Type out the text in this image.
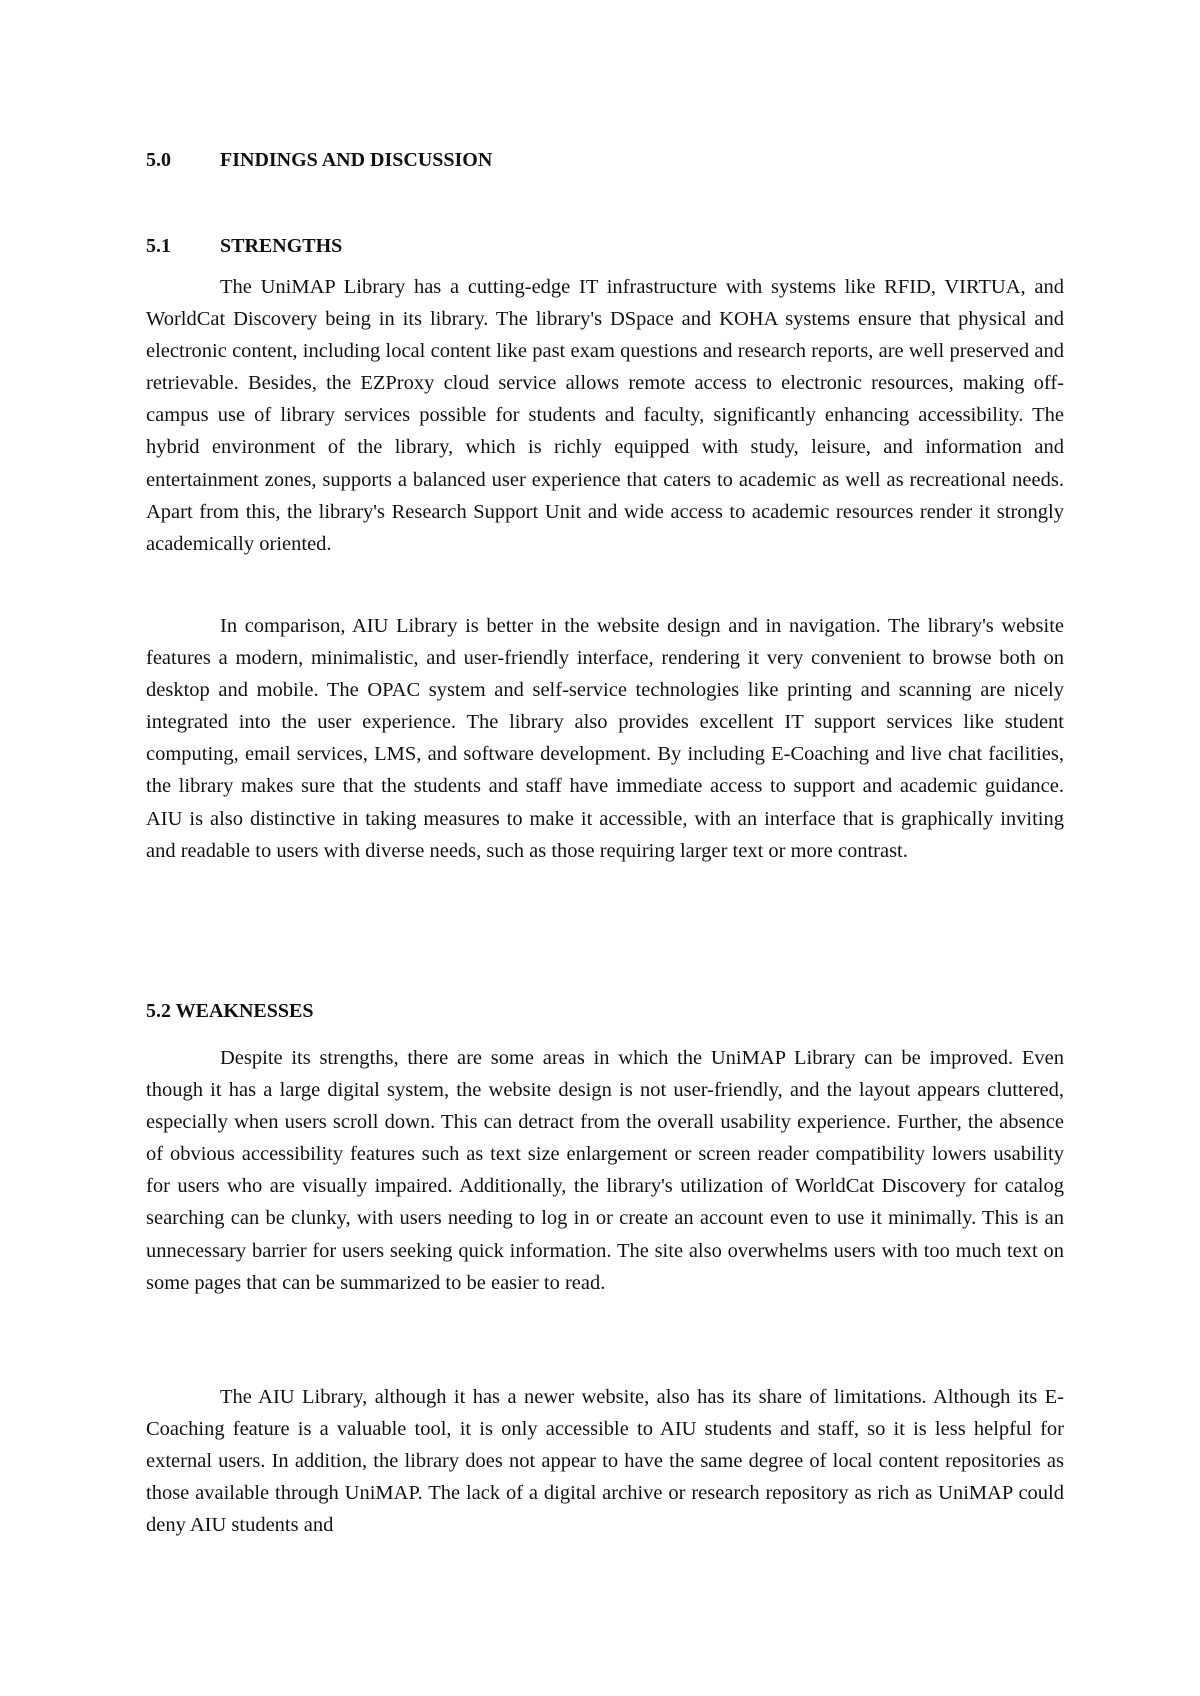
5.0 FINDINGS AND DISCUSSION
5.1 STRENGTHS

The UniMAP Library has a cutting-edge IT infrastructure with systems like RFID, VIRTUA, and WorldCat Discovery being in its library. The library's DSpace and KOHA systems ensure that physical and electronic content, including local content like past exam questions and research reports, are well preserved and retrievable. Besides, the EZProxy cloud service allows remote access to electronic resources, making off-campus use of library services possible for students and faculty, significantly enhancing accessibility. The hybrid environment of the library, which is richly equipped with study, leisure, and information and entertainment zones, supports a balanced user experience that caters to academic as well as recreational needs. Apart from this, the library's Research Support Unit and wide access to academic resources render it strongly academically oriented.

In comparison, AIU Library is better in the website design and in navigation. The library's website features a modern, minimalistic, and user-friendly interface, rendering it very convenient to browse both on desktop and mobile. The OPAC system and self-service technologies like printing and scanning are nicely integrated into the user experience. The library also provides excellent IT support services like student computing, email services, LMS, and software development. By including E-Coaching and live chat facilities, the library makes sure that the students and staff have immediate access to support and academic guidance. AIU is also distinctive in taking measures to make it accessible, with an interface that is graphically inviting and readable to users with diverse needs, such as those requiring larger text or more contrast.

5.2 WEAKNESSES

Despite its strengths, there are some areas in which the UniMAP Library can be improved. Even though it has a large digital system, the website design is not user-friendly, and the layout appears cluttered, especially when users scroll down. This can detract from the overall usability experience. Further, the absence of obvious accessibility features such as text size enlargement or screen reader compatibility lowers usability for users who are visually impaired. Additionally, the library's utilization of WorldCat Discovery for catalog searching can be clunky, with users needing to log in or create an account even to use it minimally. This is an unnecessary barrier for users seeking quick information. The site also overwhelms users with too much text on some pages that can be summarized to be easier to read.

The AIU Library, although it has a newer website, also has its share of limitations. Although its E-Coaching feature is a valuable tool, it is only accessible to AIU students and staff, so it is less helpful for external users. In addition, the library does not appear to have the same degree of local content repositories as those available through UniMAP. The lack of a digital archive or research repository as rich as UniMAP could deny AIU students and
